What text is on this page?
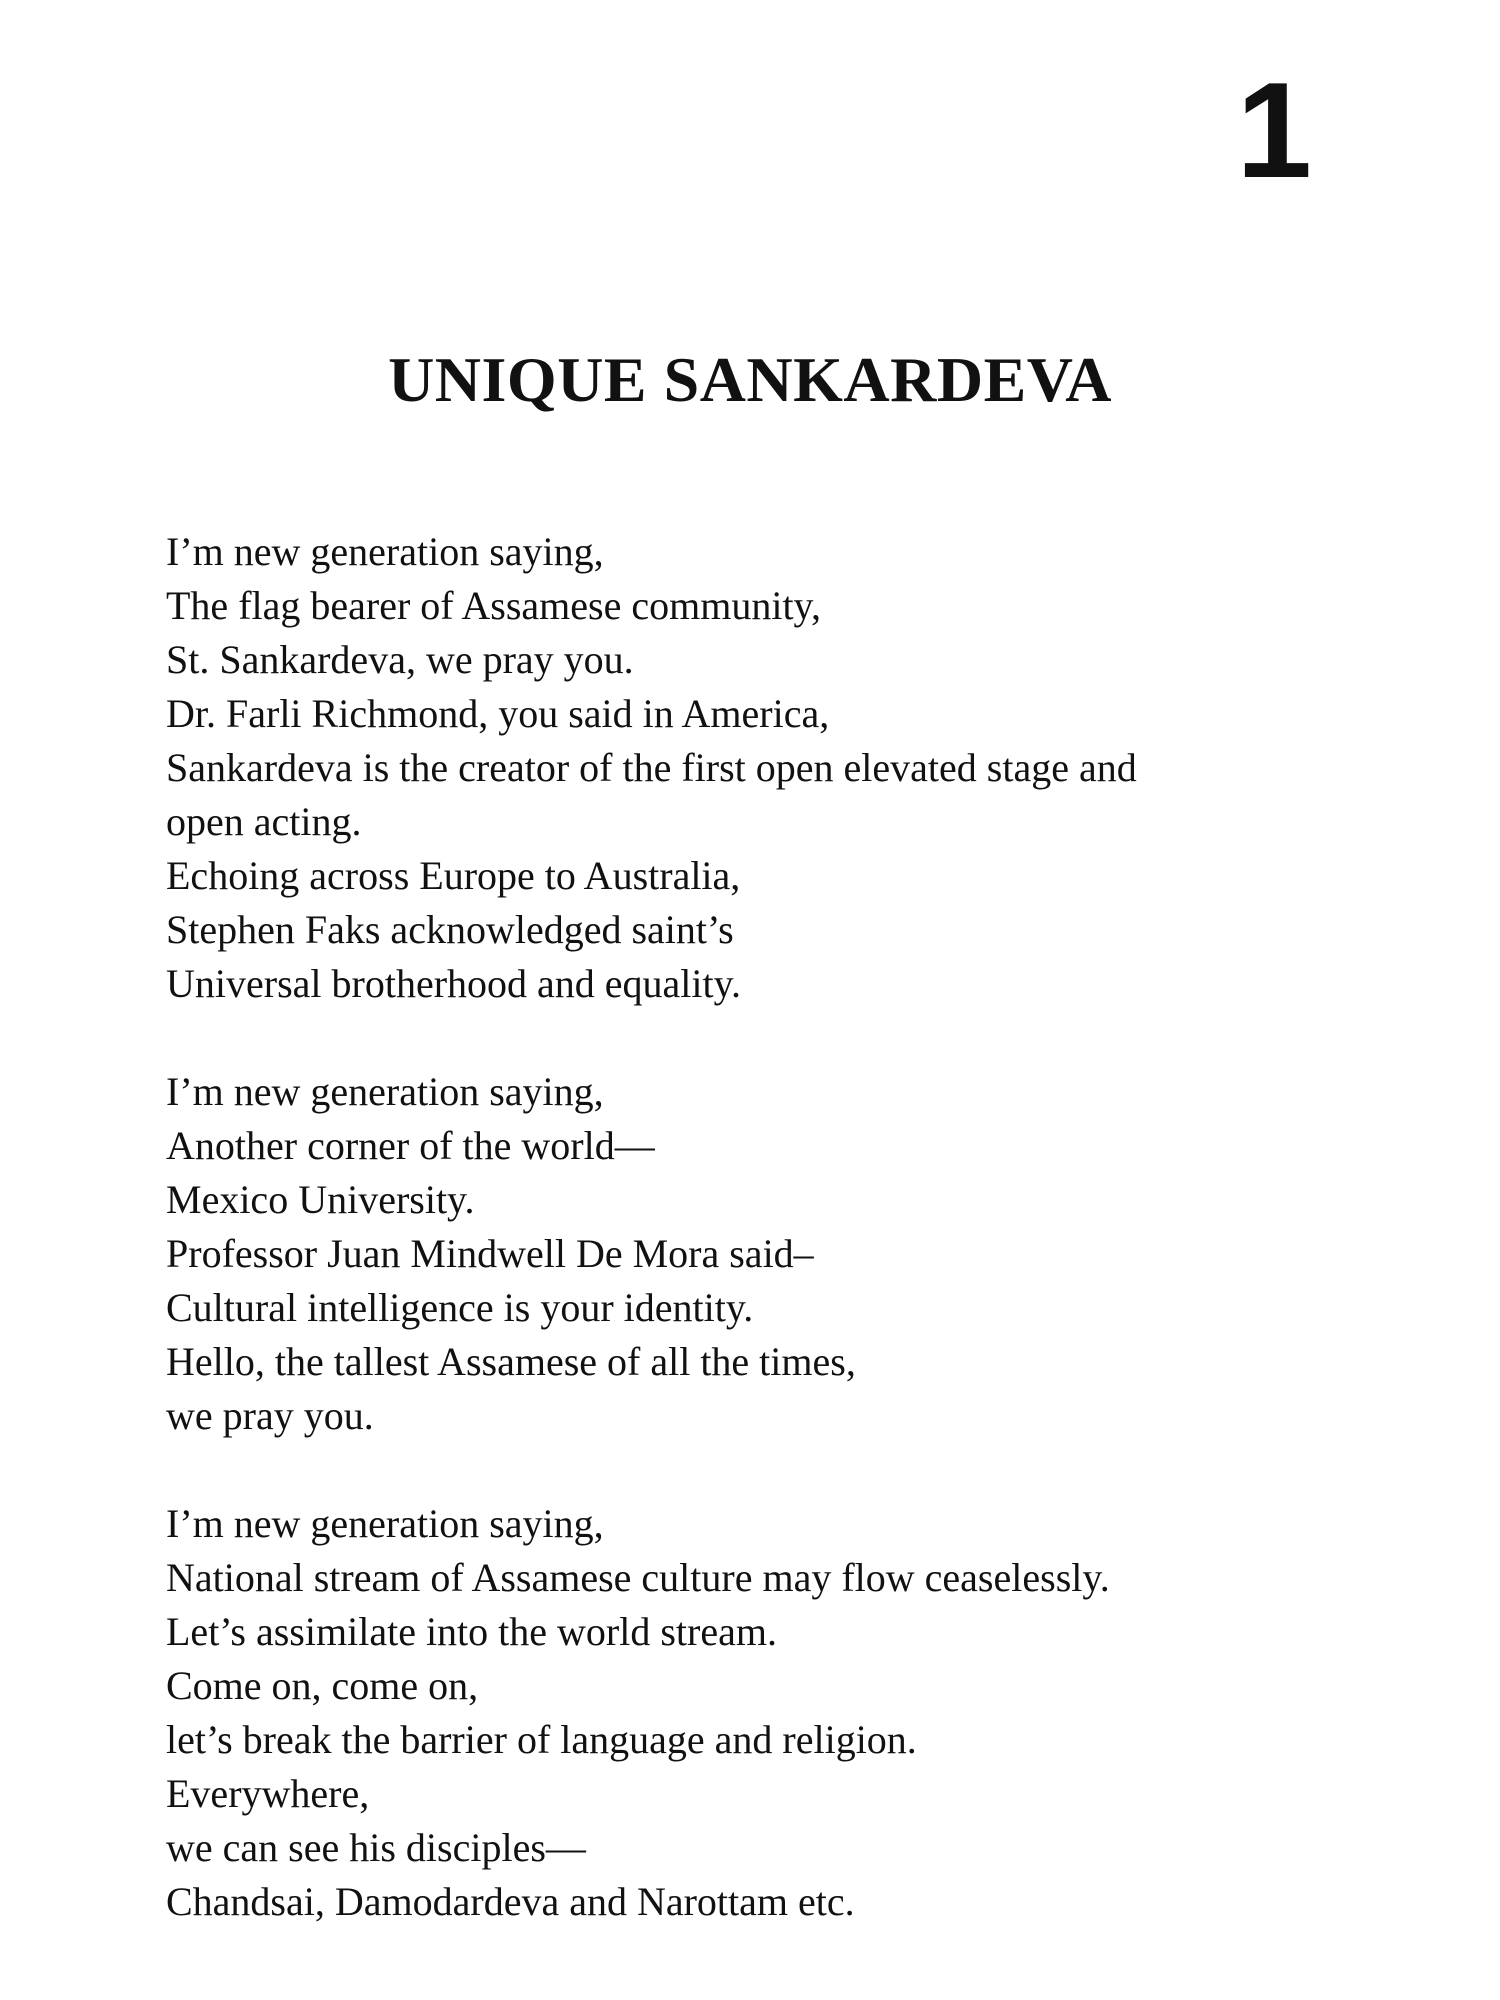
1
UNIQUE SANKARDEVA
I’m new generation saying,
The flag bearer of Assamese community,
St. Sankardeva, we pray you.
Dr. Farli Richmond, you said in America,
Sankardeva is the creator of the first open elevated stage and
open acting.
Echoing across Europe to Australia,
Stephen Faks acknowledged saint’s
Universal brotherhood and equality.
I’m new generation saying,
Another corner of the world—
Mexico University.
Professor Juan Mindwell De Mora said–
Cultural intelligence is your identity.
Hello, the tallest Assamese of all the times,
we pray you.
I’m new generation saying,
National stream of Assamese culture may flow ceaselessly.
Let’s assimilate into the world stream.
Come on, come on,
let’s break the barrier of language and religion.
Everywhere,
we can see his disciples—
Chandsai, Damodardeva and Narottam etc.
